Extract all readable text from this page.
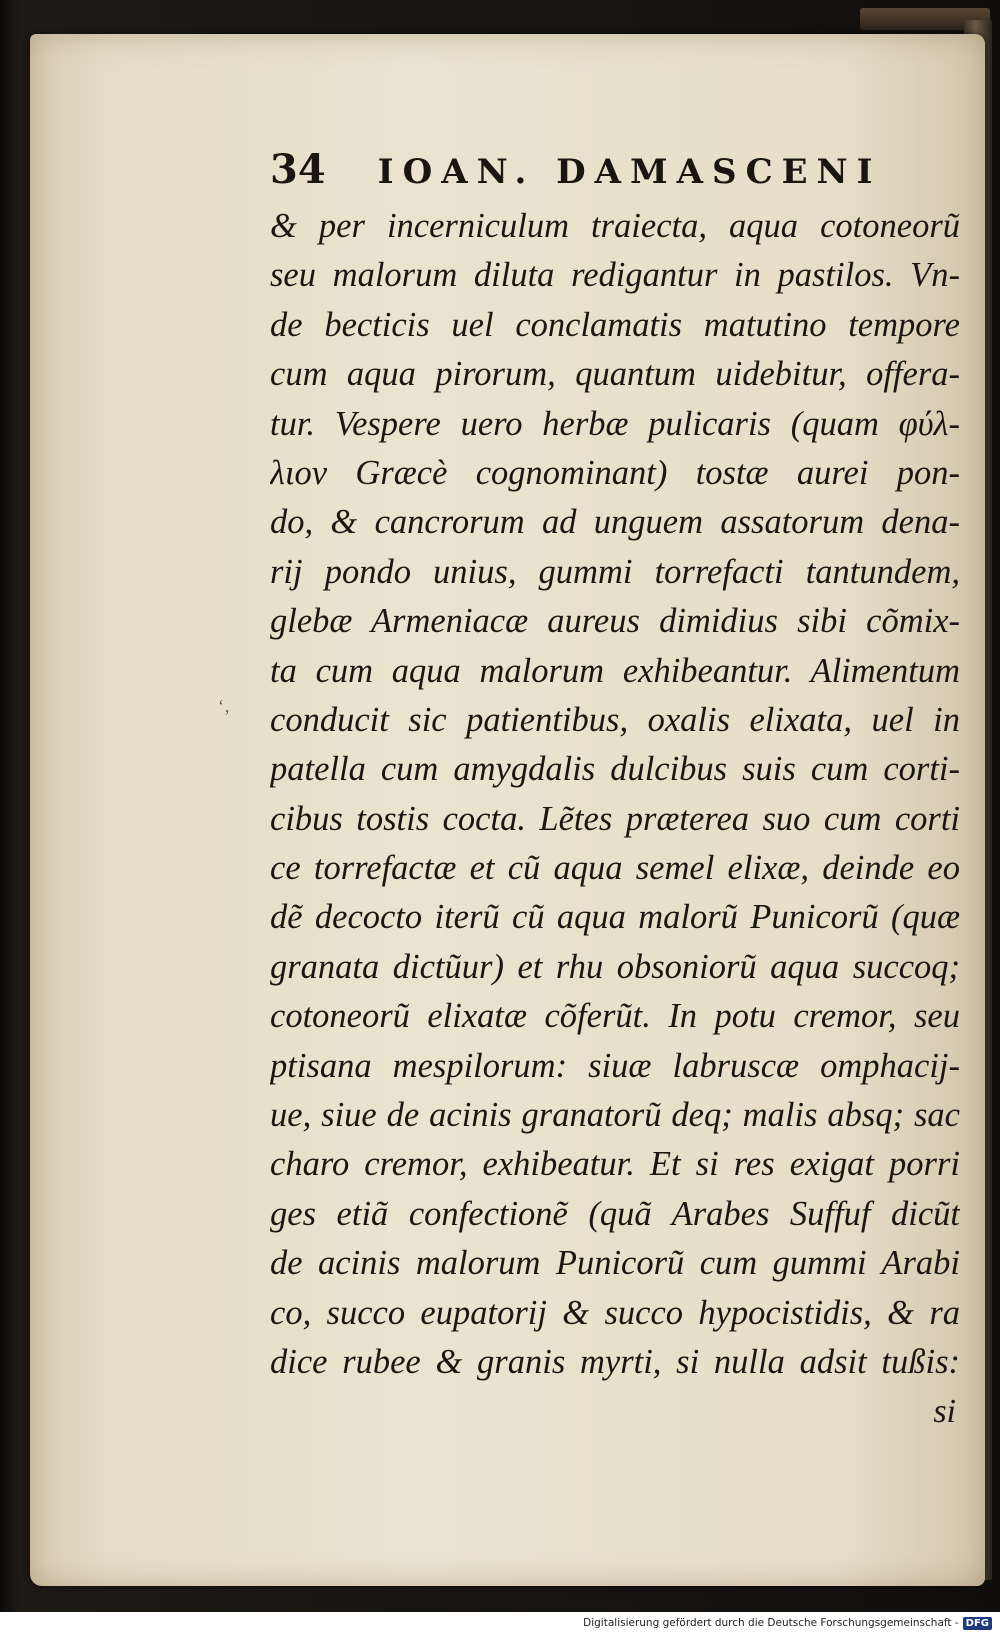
34 IOAN. DAMASCENI
& per incerniculum traiecta, aqua cotoneorũ
seu malorum diluta redigantur in pastilos. Vn-
de becticis uel conclamatis matutino tempore
cum aqua pirorum, quantum uidebitur, offera-
tur. Vespere uero herbæ pulicaris (quam φύλ-
λιον Græcè cognominant) tostæ aurei pon-
do, & cancrorum ad unguem assatorum dena-
rij pondo unius, gummi torrefacti tantundem,
glebæ Armeniacæ aureus dimidius sibi cõmix-
ta cum aqua malorum exhibeantur. Alimentum
conducit sic patientibus, oxalis elixata, uel in
patella cum amygdalis dulcibus suis cum corti-
cibus tostis cocta. Lẽtes præterea suo cum corti
ce torrefactæ et cũ aqua semel elixæ, deinde eo
dẽ decocto iterũ cũ aqua malorũ Punicorũ (quæ
granata dictũur) et rhu obsoniorũ aqua succoq;
cotoneorũ elixatæ cõferũt. In potu cremor, seu
ptisana mespilorum: siuæ labruscæ omphacij-
ue, siue de acinis granatorũ deq; malis absq; sac
charo cremor, exhibeatur. Et si res exigat porri
ges etiã confectionẽ (quã Arabes Suffuf dicũt
de acinis malorum Punicorũ cum gummi Arabi
co, succo eupatorij & succo hypocistidis, & ra
dice rubee & granis myrti, si nulla adsit tußis:
si
‘‚
Digitalisierung gefördert durch die Deutsche Forschungsgemeinschaft - DFG
